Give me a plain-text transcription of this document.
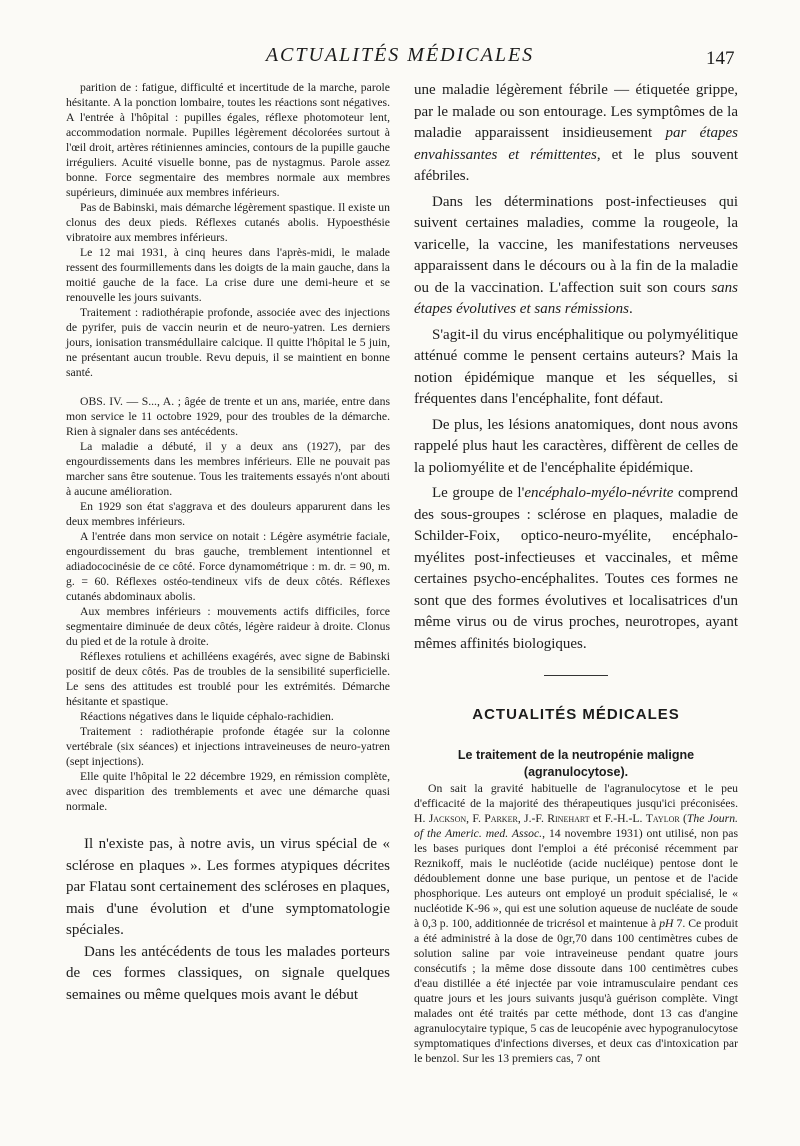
ACTUALITÉS MÉDICALES	147

parition de : fatigue, difficulté et incertitude de la marche, parole hésitante. A la ponction lombaire, toutes les réactions sont négatives. A l'entrée à l'hôpital : pupilles égales, réflexe photomoteur lent, accommodation normale. Pupilles légèrement décolorées surtout à l'œil droit, artères rétiniennes amincies, contours de la pupille gauche irréguliers. Acuité visuelle bonne, pas de nystagmus. Parole assez bonne. Force segmentaire des membres normale aux membres supérieurs, diminuée aux membres inférieurs.

Pas de Babinski, mais démarche légèrement spastique. Il existe un clonus des deux pieds. Réflexes cutanés abolis. Hypoesthésie vibratoire aux membres inférieurs.

Le 12 mai 1931, à cinq heures dans l'après-midi, le malade ressent des fourmillements dans les doigts de la main gauche, dans la moitié gauche de la face. La crise dure une demi-heure et se renouvelle les jours suivants.

Traitement : radiothérapie profonde, associée avec des injections de pyrifer, puis de vaccin neurin et de neuro-yatren. Les derniers jours, ionisation transmédullaire calcique. Il quitte l'hôpital le 5 juin, ne présentant aucun trouble. Revu depuis, il se maintient en bonne santé.

OBS. IV. — S..., A. ; âgée de trente et un ans, mariée, entre dans mon service le 11 octobre 1929, pour des troubles de la démarche. Rien à signaler dans ses antécédents.

La maladie a débuté, il y a deux ans (1927), par des engourdissements dans les membres inférieurs. Elle ne pouvait pas marcher sans être soutenue. Tous les traitements essayés n'ont abouti à aucune amélioration.

En 1929 son état s'aggrava et des douleurs apparurent dans les deux membres inférieurs.

A l'entrée dans mon service on notait : Légère asymétrie faciale, engourdissement du bras gauche, tremblement intentionnel et adiadococinésie de ce côté. Force dynamométrique : m. dr. = 90, m. g. = 60. Réflexes ostéo-tendineux vifs de deux côtés. Réflexes cutanés abdominaux abolis.

Aux membres inférieurs : mouvements actifs difficiles, force segmentaire diminuée de deux côtés, légère raideur à droite. Clonus du pied et de la rotule à droite.

Réflexes rotuliens et achilléens exagérés, avec signe de Babinski positif de deux côtés. Pas de troubles de la sensibilité superficielle. Le sens des attitudes est troublé pour les extrémités. Démarche hésitante et spastique.

Réactions négatives dans le liquide céphalo-rachidien.

Traitement : radiothérapie profonde étagée sur la colonne vertébrale (six séances) et injections intraveineuses de neuro-yatren (sept injections).

Elle quite l'hôpital le 22 décembre 1929, en rémission complète, avec disparition des tremblements et avec une démarche quasi normale.

Il n'existe pas, à notre avis, un virus spécial de « sclérose en plaques ». Les formes atypiques décrites par Flatau sont certainement des scléroses en plaques, mais d'une évolution et d'une symptomatologie spéciales.

Dans les antécédents de tous les malades porteurs de ces formes classiques, on signale quelques semaines ou même quelques mois avant le début

une maladie légèrement fébrile — étiquetée grippe, par le malade ou son entourage. Les symptômes de la maladie apparaissent insidieusement par étapes envahissantes et rémittentes, et le plus souvent afébriles.

Dans les déterminations post-infectieuses qui suivent certaines maladies, comme la rougeole, la varicelle, la vaccine, les manifestations nerveuses apparaissent dans le décours ou à la fin de la maladie ou de la vaccination. L'affection suit son cours sans étapes évolutives et sans rémissions.

S'agit-il du virus encéphalitique ou polymyélitique atténué comme le pensent certains auteurs? Mais la notion épidémique manque et les séquelles, si fréquentes dans l'encéphalite, font défaut.

De plus, les lésions anatomiques, dont nous avons rappelé plus haut les caractères, diffèrent de celles de la poliomyélite et de l'encéphalite épidémique.

Le groupe de l'encéphalo-myélo-névrite comprend des sous-groupes : sclérose en plaques, maladie de Schilder-Foix, optico-neuro-myélite, encéphalo-myélites post-infectieuses et vaccinales, et même certaines psycho-encéphalites. Toutes ces formes ne sont que des formes évolutives et localisatrices d'un même virus ou de virus proches, neurotropes, ayant mêmes affinités biologiques.

ACTUALITÉS MÉDICALES
Le traitement de la neutropénie maligne (agranulocytose).

On sait la gravité habituelle de l'agranulocytose et le peu d'efficacité de la majorité des thérapeutiques jusqu'ici préconisées. H. Jackson, F. Parker, J.-F. Rinehart et F.-H.-L. Taylor (The Journ. of the Americ. med. Assoc., 14 novembre 1931) ont utilisé, non pas les bases puriques dont l'emploi a été préconisé récemment par Reznikoff, mais le nucléotide (acide nucléique) pentose dont le dédoublement donne une base purique, un pentose et de l'acide phosphorique. Les auteurs ont employé un produit spécialisé, le « nucléotide K-96 », qui est une solution aqueuse de nucléate de soude à 0,3 p. 100, additionnée de tricrésol et maintenue à pH 7. Ce produit a été administré à la dose de 0gr,70 dans 100 centimètres cubes de solution saline par voie intraveineuse pendant quatre jours consécutifs ; la même dose dissoute dans 100 centimètres cubes d'eau distillée a été injectée par voie intramusculaire pendant ces quatre jours et les jours suivants jusqu'à guérison complète. Vingt malades ont été traités par cette méthode, dont 13 cas d'angine agranulocytaire typique, 5 cas de leucopénie avec hypogranulocytose symptomatiques d'infections diverses, et deux cas d'intoxication par le benzol. Sur les 13 premiers cas, 7 ont
